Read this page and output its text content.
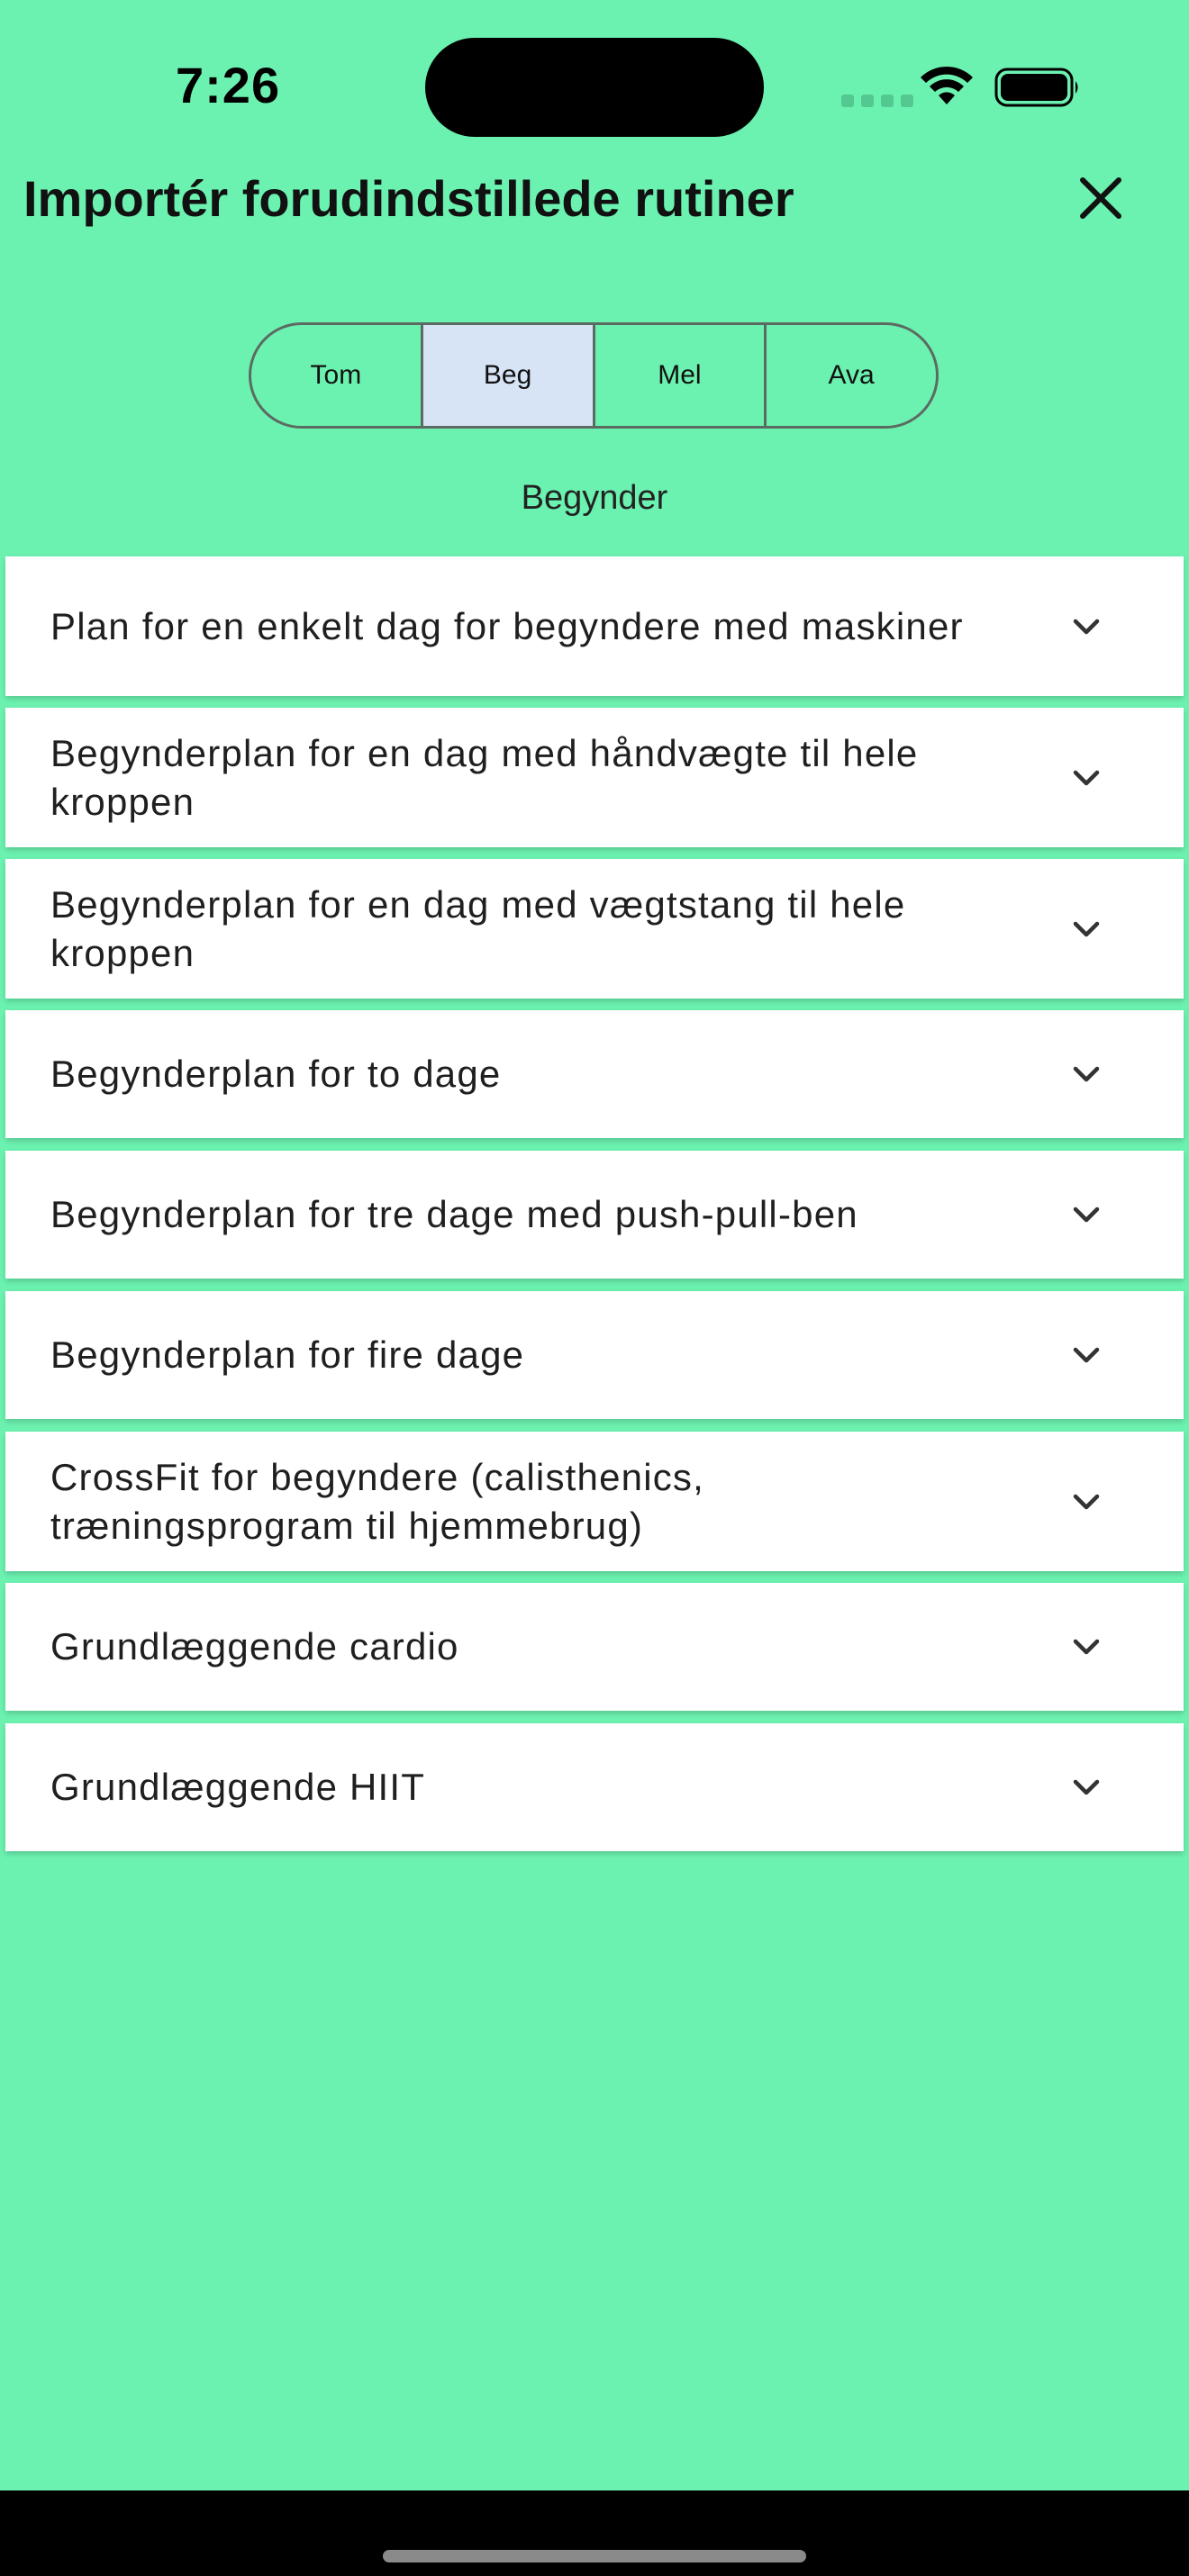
7:26
Importér forudindstillede rutiner
Tom	Beg	Mel	Ava
Begynder
Plan for en enkelt dag for begyndere med maskiner
Begynderplan for en dag med håndvægte til hele kroppen
Begynderplan for en dag med vægtstang til hele kroppen
Begynderplan for to dage
Begynderplan for tre dage med push-pull-ben
Begynderplan for fire dage
CrossFit for begyndere (calisthenics, træningsprogram til hjemmebrug)
Grundlæggende cardio
Grundlæggende HIIT
